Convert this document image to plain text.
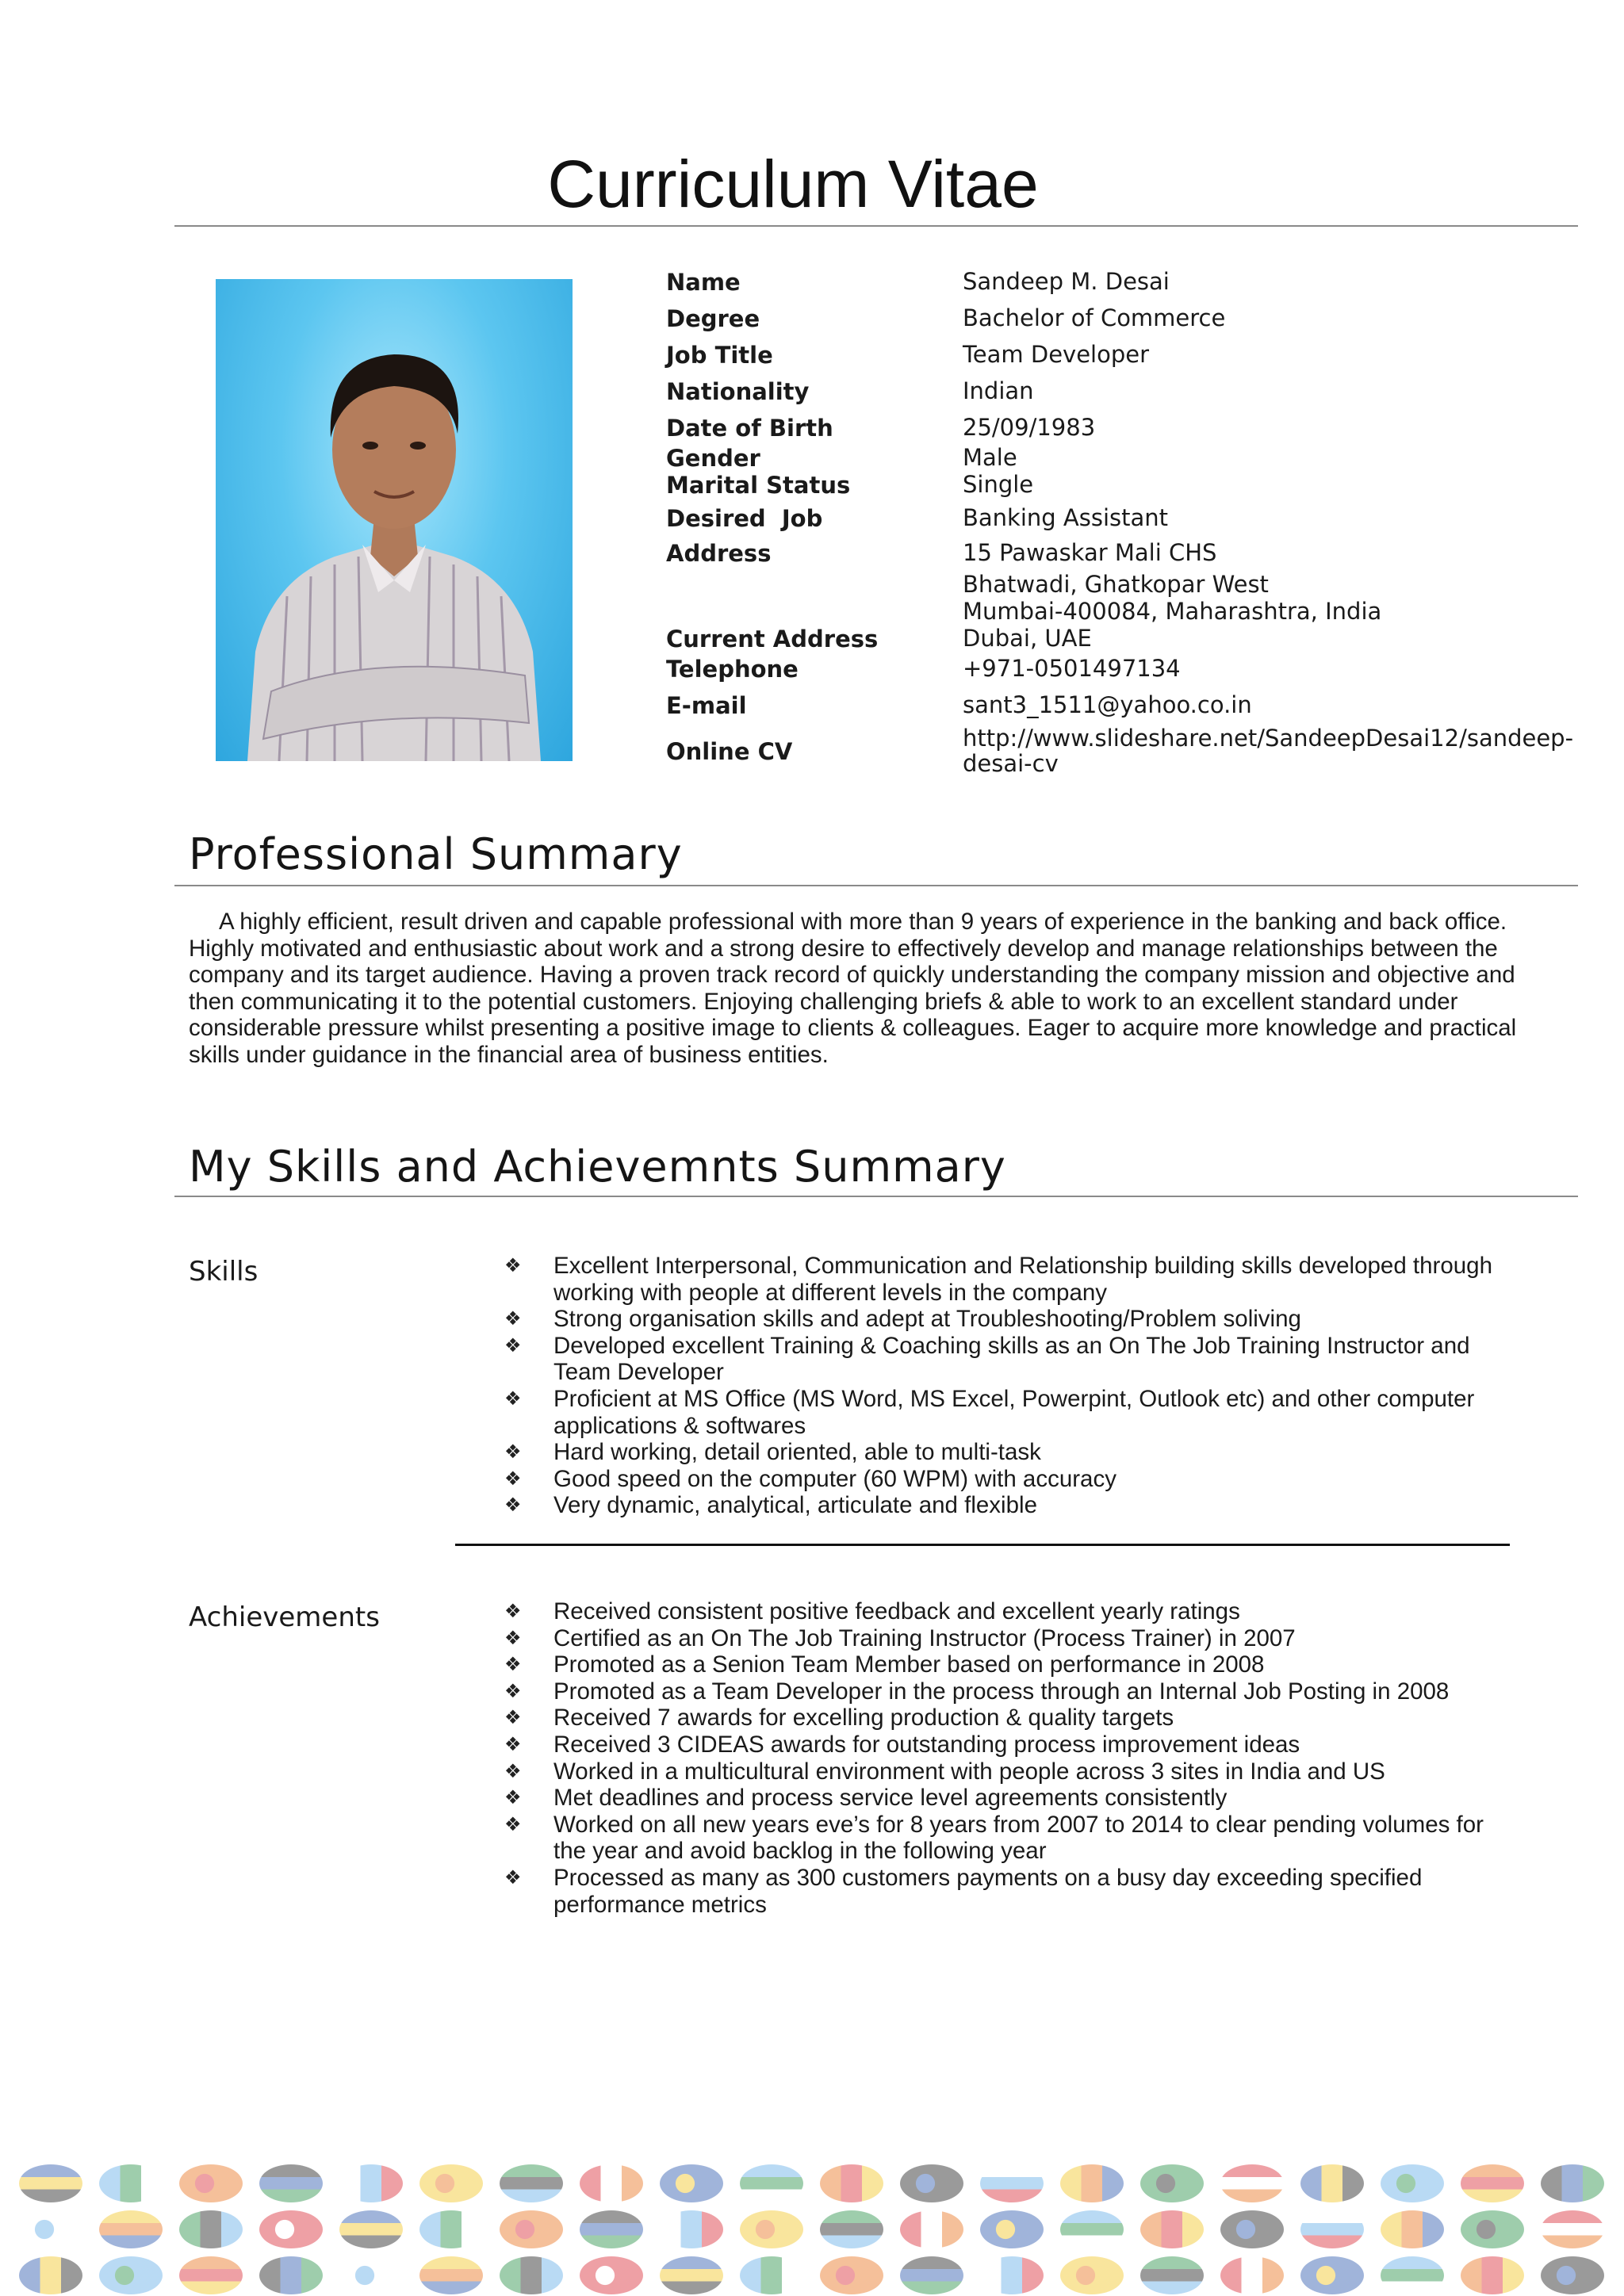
Curriculum Vitae
Name	Sandeep M. Desai
Degree	Bachelor of Commerce
Job Title	Team Developer
Nationality	Indian
Date of Birth	25/09/1983
Gender	Male
Marital Status	Single
Desired  Job	Banking Assistant
Address	15 Pawaskar Mali CHS
Bhatwadi, Ghatkopar West
Mumbai-400084, Maharashtra, India
Current Address	Dubai, UAE
Telephone	+971-0501497134
E-mail	sant3_1511@yahoo.co.in
Online CV	http://www.slideshare.net/SandeepDesai12/sandeep-
desai-cv
Professional Summary

A highly efficient, result driven and capable professional with more than 9 years of experience in the banking and back office. Highly motivated and enthusiastic about work and a strong desire to effectively develop and manage relationships between the company and its target audience. Having a proven track record of quickly understanding the company mission and objective and then communicating it to the potential customers. Enjoying challenging briefs & able to work to an excellent standard under considerable pressure whilst presenting a positive image to clients & colleagues. Eager to acquire more knowledge and practical skills under guidance in the financial area of business entities.

My Skills and Achievemnts Summary
Skills	❖	Excellent Interpersonal, Communication and Relationship building skills developed through working with people at different levels in the company
❖	Strong organisation skills and adept at Troubleshooting/Problem soliving
❖	Developed excellent Training & Coaching skills as an On The Job Training Instructor and Team Developer
❖	Proficient at MS Office (MS Word, MS Excel, Powerpint, Outlook etc) and other computer applications & softwares
❖	Hard working, detail oriented, able to multi-task
❖	Good speed on the computer (60 WPM) with accuracy
❖	Very dynamic, analytical, articulate and flexible
Achievements	❖	Received consistent positive feedback and excellent yearly ratings
❖	Certified as an On The Job Training Instructor (Process Trainer) in 2007
❖	Promoted as a Senion Team Member based on performance in 2008
❖	Promoted as a Team Developer in the process through an Internal Job Posting in 2008
❖	Received 7 awards for excelling production & quality targets
❖	Received 3 CIDEAS awards for outstanding process improvement ideas
❖	Worked in a multicultural environment with people across 3 sites in India and US
❖	Met deadlines and process service level agreements consistently
❖	Worked on all new years eve’s for 8 years from 2007 to 2014 to clear pending volumes for the year and avoid backlog in the following year
❖	Processed as many as 300 customers payments on a busy day exceeding specified performance metrics
